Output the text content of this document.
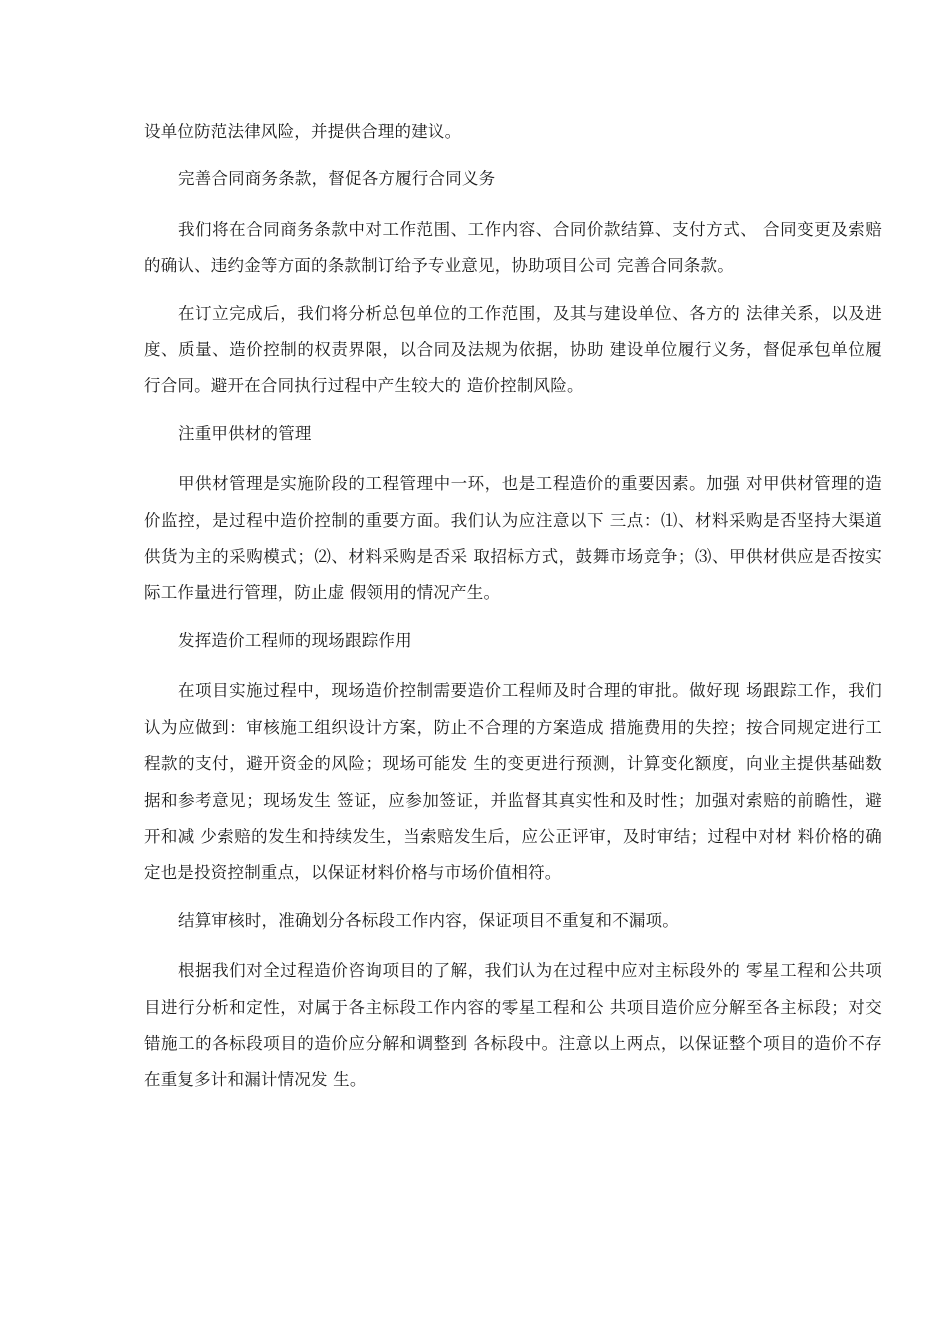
设单位防范法律风险，并提供合理的建议。

完善合同商务条款，督促各方履行合同义务

我们将在合同商务条款中对工作范围、工作内容、合同价款结算、支付方式、 合同变更及索赔的确认、违约金等方面的条款制订给予专业意见，协助项目公司 完善合同条款。

在订立完成后，我们将分析总包单位的工作范围，及其与建设单位、各方的 法律关系，以及进度、质量、造价控制的权责界限，以合同及法规为依据，协助 建设单位履行义务，督促承包单位履行合同。避开在合同执行过程中产生较大的 造价控制风险。

注重甲供材的管理

甲供材管理是实施阶段的工程管理中一环，也是工程造价的重要因素。加强 对甲供材管理的造价监控，是过程中造价控制的重要方面。我们认为应注意以下 三点：⑴、材料采购是否坚持大渠道供货为主的采购模式；⑵、材料采购是否采 取招标方式，鼓舞市场竞争；⑶、甲供材供应是否按实际工作量进行管理，防止虚 假领用的情况产生。

发挥造价工程师的现场跟踪作用

在项目实施过程中，现场造价控制需要造价工程师及时合理的审批。做好现 场跟踪工作，我们认为应做到：审核施工组织设计方案，防止不合理的方案造成 措施费用的失控；按合同规定进行工程款的支付，避开资金的风险；现场可能发 生的变更进行预测，计算变化额度，向业主提供基础数据和参考意见；现场发生 签证，应参加签证，并监督其真实性和及时性；加强对索赔的前瞻性，避开和减 少索赔的发生和持续发生，当索赔发生后，应公正评审，及时审结；过程中对材 料价格的确定也是投资控制重点，以保证材料价格与市场价值相符。

结算审核时，准确划分各标段工作内容，保证项目不重复和不漏项。

根据我们对全过程造价咨询项目的了解，我们认为在过程中应对主标段外的 零星工程和公共项目进行分析和定性，对属于各主标段工作内容的零星工程和公 共项目造价应分解至各主标段；对交错施工的各标段项目的造价应分解和调整到 各标段中。注意以上两点，以保证整个项目的造价不存在重复多计和漏计情况发 生。
